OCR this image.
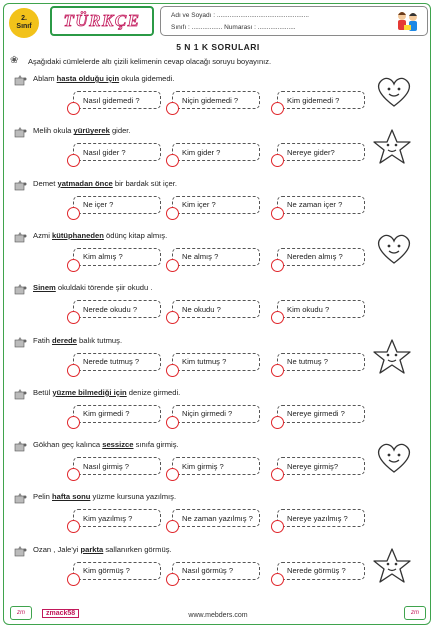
2.
Sınıf TÜRKÇE	Adı ve Soyadı : ...................................................
Sınıfı : ................. Numarası : .....................
5 N 1 K SORULARI
❀ Aşağıdaki cümlelerde altı çizili kelimenin cevap olacağı soruyu boyayınız.
Ablam hasta olduğu için okula gidemedi.
Nasıl gidemedi ?	Niçin gidemedi ?	Kim gidemedi ?
Melih okula yürüyerek gider.
Nasıl gider ?	Kim gider ?	Nereye gider?
Demet yatmadan önce bir bardak süt içer.
Ne içer ?	Kim içer ?	Ne zaman içer ?
Azmi kütüphaneden ödünç kitap almış.
Kim almış ?	Ne almış ?	Nereden almış ?
Sinem okuldaki törende şiir okudu .
Nerede okudu ?	Ne okudu ?	Kim okudu ?
Fatih derede balık tutmuş.
Nerede tutmuş ?	Kim tutmuş ?	Ne tutmuş ?
Betül yüzme bilmediği için denize girmedi.
Kim girmedi ?	Niçin girmedi ?	Nereye girmedi ?
Gökhan geç kalınca sessizce sınıfa girmiş.
Nasıl girmiş ?	Kim girmiş ?	Nereye girmiş?
Pelin hafta sonu yüzme kursuna yazılmış.
Kim yazılmış ?	Ne zaman yazılmış ?	Nereye yazılmış ?
Ozan , Jale'yi parkta sallanırken görmüş.
Kim görmüş ?	Nasıl görmüş ?	Nerede görmüş ?
zm	zm
zmack58	www.mebders.com
